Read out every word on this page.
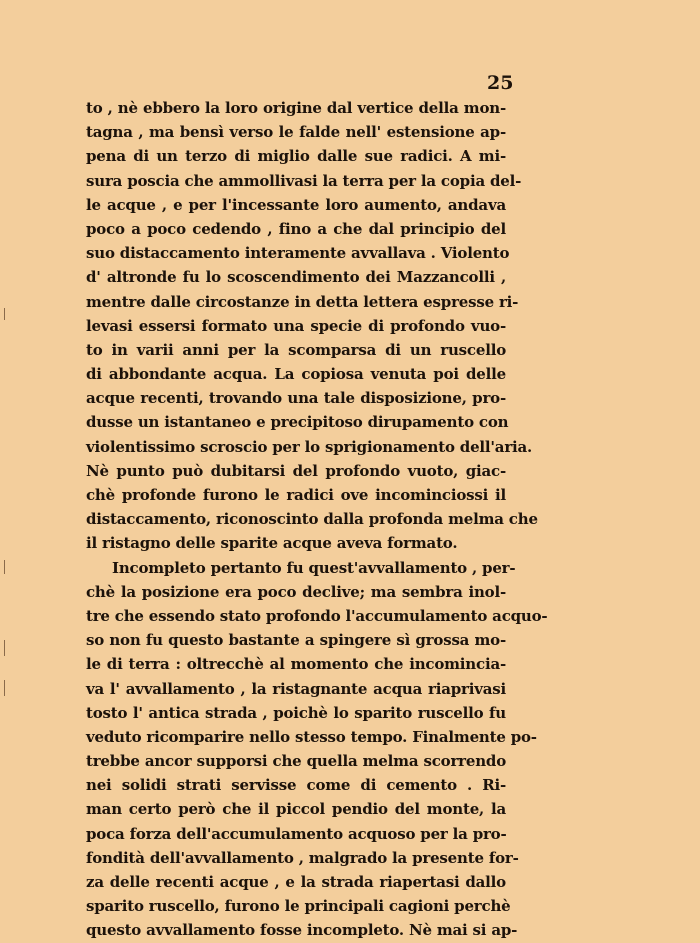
25
to , nè ebbero la loro origine dal vertice della mon-
tagna , ma bensì verso le falde nell' estensione ap-
pena di un terzo di miglio dalle sue radici. A mi-
sura poscia che ammollivasi la terra per la copia del-
le acque , e per l'incessante loro aumento, andava
poco a poco cedendo , fino a che dal principio del
suo distaccamento interamente avvallava . Violento
d' altronde fu lo scoscendimento dei Mazzancolli ,
mentre dalle circostanze in detta lettera espresse ri-
levasi essersi formato una specie di profondo vuo-
to in varii anni per la scomparsa di un ruscello
di abbondante acqua. La copiosa venuta poi delle
acque recenti, trovando una tale disposizione, pro-
dusse un istantaneo e precipitoso dirupamento con
violentissimo scroscio per lo sprigionamento dell'aria.
Nè punto può dubitarsi del profondo vuoto, giac-
chè profonde furono le radici ove incominciossi il
distaccamento, riconoscinto dalla profonda melma che
il ristagno delle sparite acque aveva formato.
Incompleto pertanto fu quest'avvallamento , per-
chè la posizione era poco declive; ma sembra inol-
tre che essendo stato profondo l'accumulamento acquo-
so non fu questo bastante a spingere sì grossa mo-
le di terra : oltrecchè al momento che incomincia-
va l' avvallamento , la ristagnante acqua riaprivasi
tosto l' antica strada , poichè lo sparito ruscello fu
veduto ricomparire nello stesso tempo. Finalmente po-
trebbe ancor supporsi che quella melma scorrendo
nei solidi strati servisse come di cemento . Ri-
man certo però che il piccol pendio del monte, la
poca forza dell'accumulamento acquoso per la pro-
fondità dell'avvallamento , malgrado la presente for-
za delle recenti acque , e la strada riapertasi dallo
sparito ruscello, furono le principali cagioni perchè
questo avvallamento fosse incompleto. Nè mai si ap-
